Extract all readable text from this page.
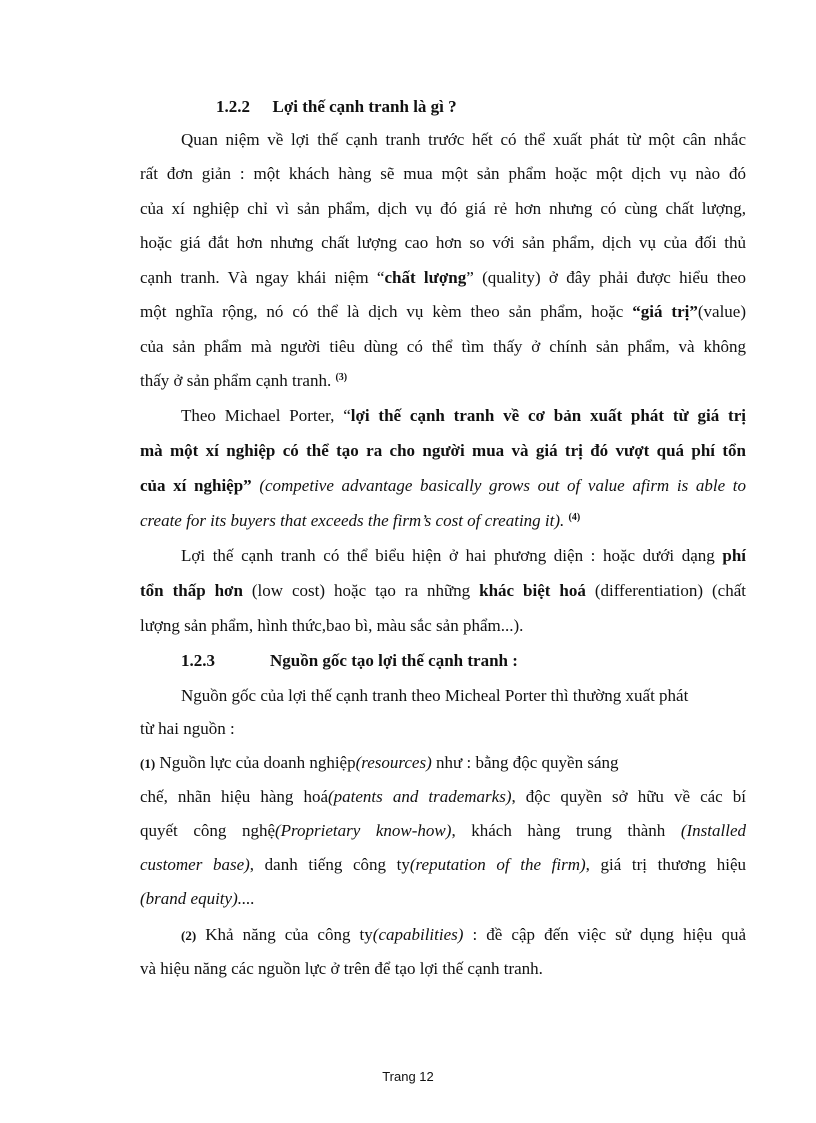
1.2.2 Lợi thế cạnh tranh là gì ?
Quan niệm về lợi thế cạnh tranh trước hết có thể xuất phát từ một cân nhắc
rất đơn giản : một khách hàng sẽ mua một sản phẩm hoặc một dịch vụ nào đó
của xí nghiệp chỉ vì sản phẩm, dịch vụ đó giá rẻ hơn nhưng có cùng chất lượng,
hoặc giá đắt hơn nhưng chất lượng cao hơn so với sản phẩm, dịch vụ của đối thủ
cạnh tranh. Và ngay khái niệm “chất lượng” (quality) ở đây phải được hiểu theo
một nghĩa rộng, nó có thể là dịch vụ kèm theo sản phẩm, hoặc “giá trị”(value)
của sản phẩm mà người tiêu dùng có thể tìm thấy ở chính sản phẩm, và không
thấy ở sản phẩm cạnh tranh. $^{(3)}$
Theo Michael Porter, “lợi thế cạnh tranh về cơ bản xuất phát từ giá trị
mà một xí nghiệp có thể tạo ra cho người mua và giá trị đó vượt quá phí tổn
của xí nghiệp” (competive advantage basically grows out of value afirm is able to
create for its buyers that exceeds the firm’s cost of creating it). $^{(4)}$
Lợi thế cạnh tranh có thể biểu hiện ở hai phương diện : hoặc dưới dạng phí
tổn thấp hơn (low cost) hoặc tạo ra những khác biệt hoá (differentiation) (chất
lượng sản phẩm, hình thức,bao bì, màu sắc sản phẩm...).
1.2.3	Nguồn gốc tạo lợi thế cạnh tranh :
Nguồn gốc của lợi thế cạnh tranh theo Micheal Porter thì thường xuất phát
từ hai nguồn :
(1) Nguồn lực của doanh nghiệp(resources) như : bằng độc quyền sáng
chế, nhãn hiệu hàng hoá(patents and trademarks), độc quyền sở hữu về các bí
quyết công nghệ(Proprietary know-how), khách hàng trung thành (Installed
customer base), danh tiếng công ty(reputation of the firm), giá trị thương hiệu
(brand equity)....
(2) Khả năng của công ty(capabilities) : đề cập đến việc sử dụng hiệu quả
và hiệu năng các nguồn lực ở trên để tạo lợi thế cạnh tranh.
Trang 12
